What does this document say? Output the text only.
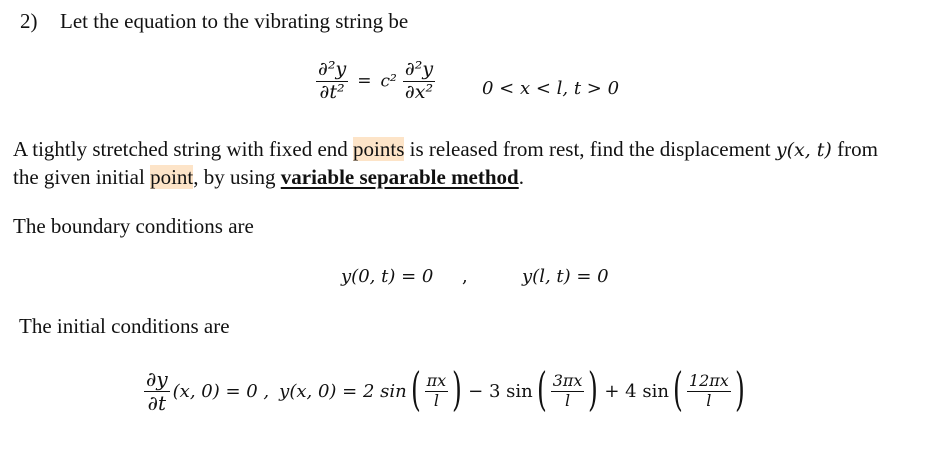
2) Let the equation to the vibrating string be
$\frac{\text{∂²y}}{\text{∂t²}} = c^2 \frac{\text{∂²y}}{\text{∂x²}}$	0 < x < l, t > 0
A tightly stretched string with fixed end points is released from rest, find the displacement y(x, t) from
the given initial point, by using variable separable method.
The boundary conditions are
y(0, t) = 0 ,	y(l, t) = 0
The initial conditions are
$\frac{\partial y}{\partial t} (x$, 0) = 0 , y(x, 0) = 2 sin ( $\frac{\pi x}{l}$ ) − 3 sin ( $\frac{3\pi x}{l}$ ) + 4 sin ( $\frac{12\pi x}{l}$ )
